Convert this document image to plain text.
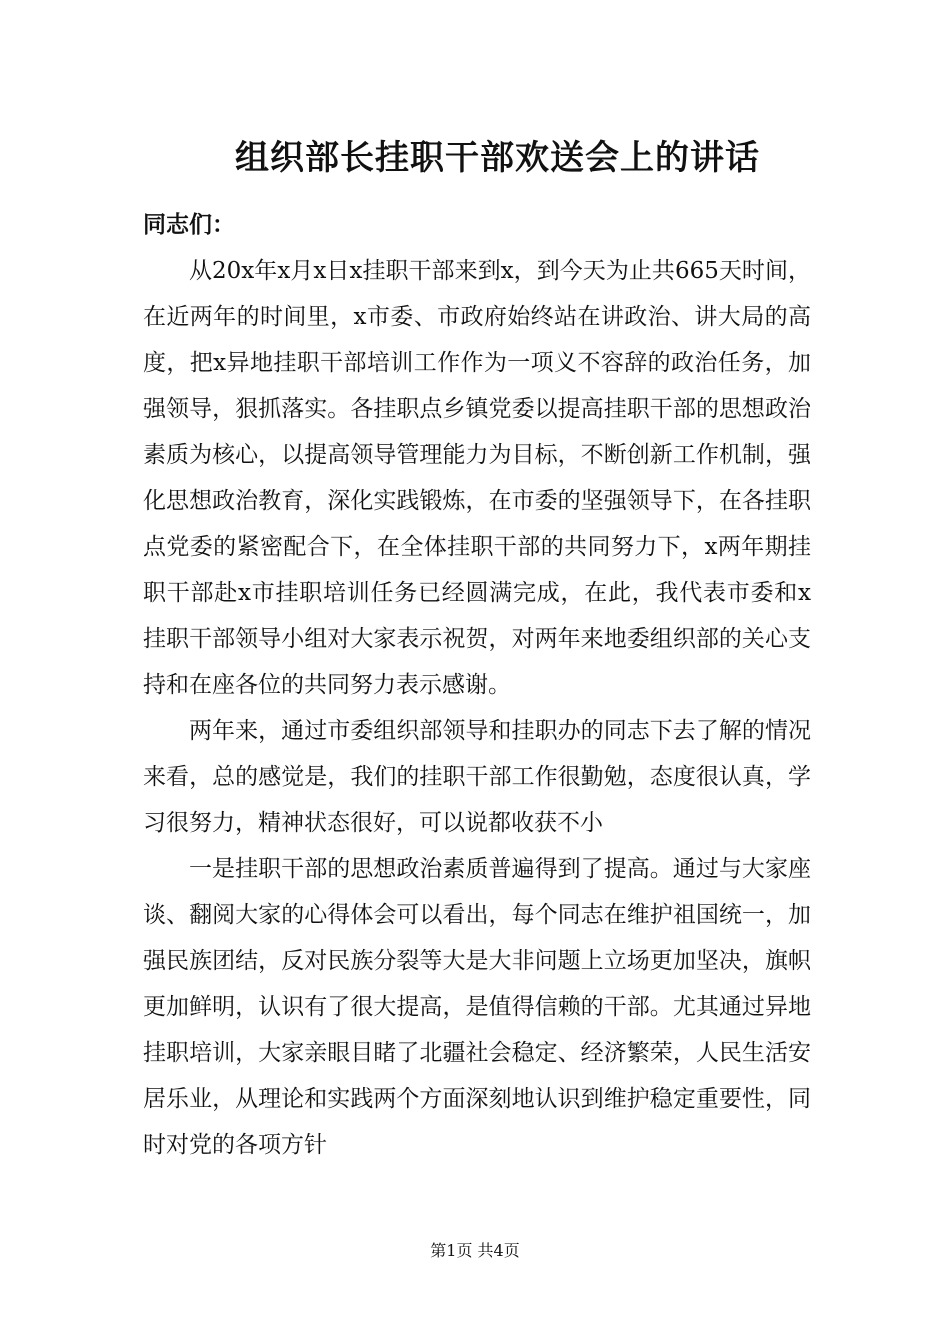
组织部长挂职干部欢送会上的讲话

同志们：

从20x年x月x日x挂职干部来到x，到今天为止共665天时间，在近两年的时间里，x市委、市政府始终站在讲政治、讲大局的高度，把x异地挂职干部培训工作作为一项义不容辞的政治任务，加强领导，狠抓落实。各挂职点乡镇党委以提高挂职干部的思想政治素质为核心，以提高领导管理能力为目标，不断创新工作机制，强化思想政治教育，深化实践锻炼，在市委的坚强领导下，在各挂职点党委的紧密配合下，在全体挂职干部的共同努力下，x两年期挂职干部赴x市挂职培训任务已经圆满完成，在此，我代表市委和x挂职干部领导小组对大家表示祝贺，对两年来地委组织部的关心支持和在座各位的共同努力表示感谢。

两年来，通过市委组织部领导和挂职办的同志下去了解的情况来看，总的感觉是，我们的挂职干部工作很勤勉，态度很认真，学习很努力，精神状态很好，可以说都收获不小

一是挂职干部的思想政治素质普遍得到了提高。通过与大家座谈、翻阅大家的心得体会可以看出，每个同志在维护祖国统一，加强民族团结，反对民族分裂等大是大非问题上立场更加坚决，旗帜更加鲜明，认识有了很大提高，是值得信赖的干部。尤其通过异地挂职培训，大家亲眼目睹了北疆社会稳定、经济繁荣，人民生活安居乐业，从理论和实践两个方面深刻地认识到维护稳定重要性，同时对党的各项方针

第1页 共4页
